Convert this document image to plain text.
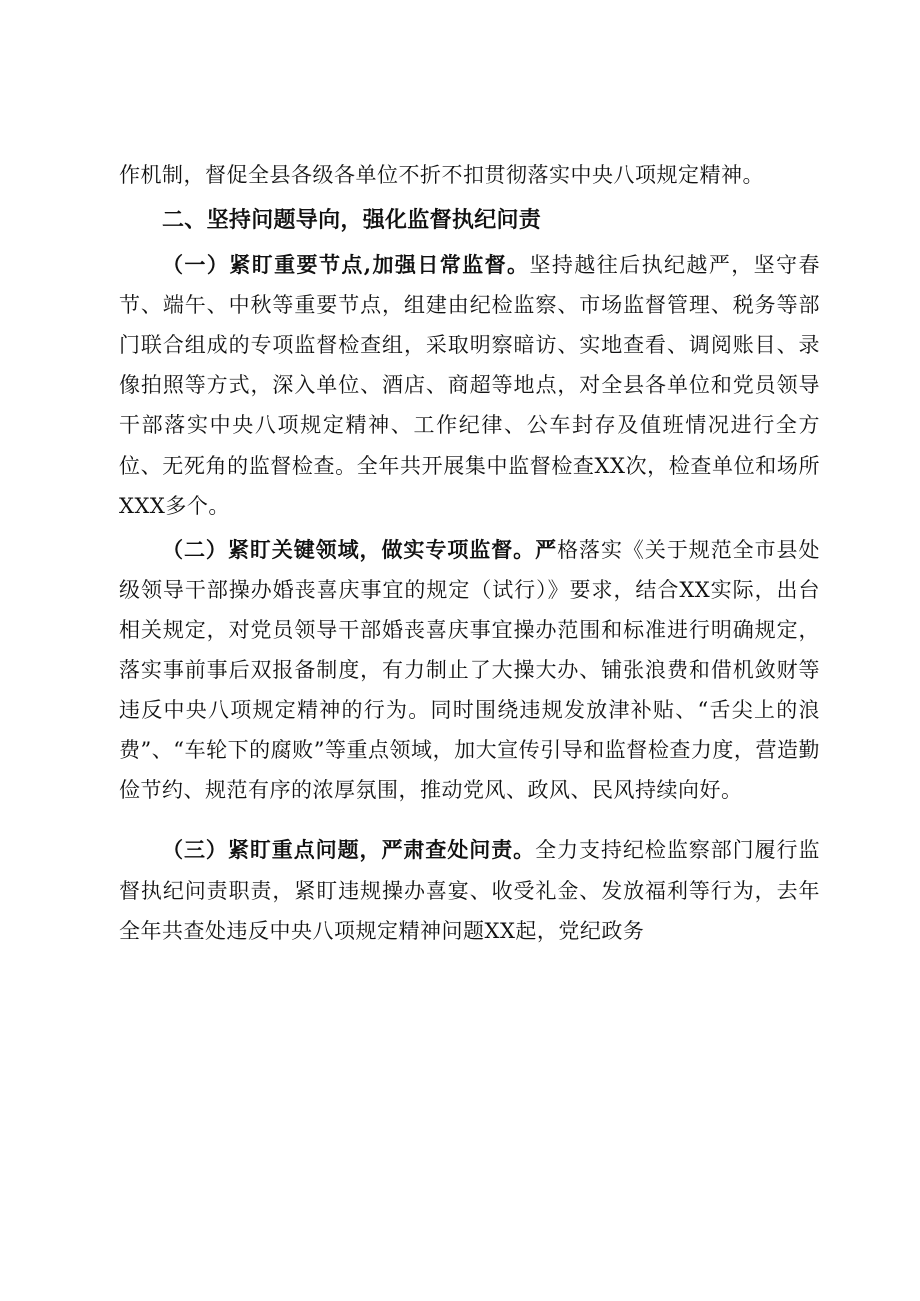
作机制，督促全县各级各单位不折不扣贯彻落实中央八项规定精神。

二、坚持问题导向，强化监督执纪问责

（一）紧盯重要节点,加强日常监督。坚持越往后执纪越严，坚守春节、端午、中秋等重要节点，组建由纪检监察、市场监督管理、税务等部门联合组成的专项监督检查组，采取明察暗访、实地查看、调阅账目、录像拍照等方式，深入单位、酒店、商超等地点，对全县各单位和党员领导干部落实中央八项规定精神、工作纪律、公车封存及值班情况进行全方位、无死角的监督检查。全年共开展集中监督检查XX次，检查单位和场所XXX多个。

（二）紧盯关键领域，做实专项监督。严格落实《关于规范全市县处级领导干部操办婚丧喜庆事宜的规定（试行）》要求，结合XX实际，出台相关规定，对党员领导干部婚丧喜庆事宜操办范围和标准进行明确规定，落实事前事后双报备制度，有力制止了大操大办、铺张浪费和借机敛财等违反中央八项规定精神的行为。同时围绕违规发放津补贴、“舌尖上的浪费”、“车轮下的腐败”等重点领域，加大宣传引导和监督检查力度，营造勤俭节约、规范有序的浓厚氛围，推动党风、政风、民风持续向好。

（三）紧盯重点问题，严肃查处问责。全力支持纪检监察部门履行监督执纪问责职责，紧盯违规操办喜宴、收受礼金、发放福利等行为，去年全年共查处违反中央八项规定精神问题XX起，党纪政务
